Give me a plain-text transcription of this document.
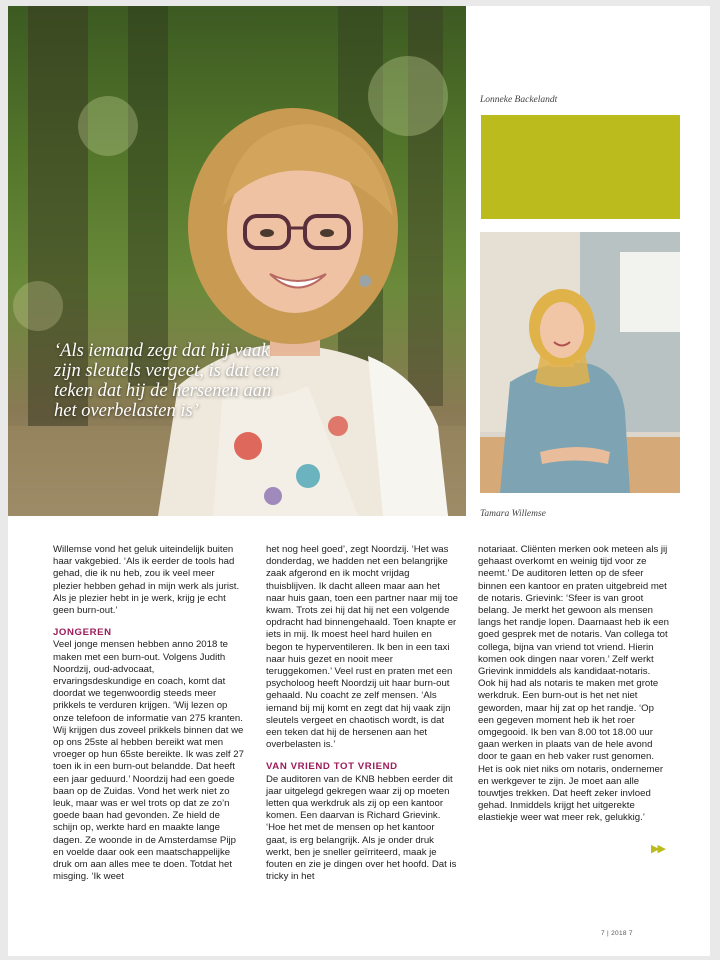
‘Als iemand zegt dat hij vaak zijn sleutels vergeet, is dat een teken dat hij de hersenen aan het overbelasten is’
Lonneke Backelandt
Tamara Willemse

Willemse vond het geluk uiteindelijk buiten haar vakgebied. ‘Als ik eerder de tools had gehad, die ik nu heb, zou ik veel meer plezier hebben gehad in mijn werk als jurist. Als je plezier hebt in je werk, krijg je echt geen burn-out.’

JONGEREN

Veel jonge mensen hebben anno 2018 te maken met een burn-out. Volgens Judith Noordzij, oud-advocaat, ervaringsdeskundige en coach, komt dat doordat we tegenwoordig steeds meer prikkels te verduren krijgen. ‘Wij lezen op onze telefoon de informatie van 275 kranten. Wij krijgen dus zoveel prikkels binnen dat we op ons 25ste al hebben bereikt wat men vroeger op hun 65ste bereikte. Ik was zelf 27 toen ik in een burn-out belandde. Dat heeft een jaar geduurd.’ Noordzij had een goede baan op de Zuidas. Vond het werk niet zo leuk, maar was er wel trots op dat ze zo’n goede baan had gevonden. Ze hield de schijn op, werkte hard en maakte lange dagen. Ze woonde in de Amsterdamse Pijp en voelde daar ook een maatschappelijke druk om aan alles mee te doen. Totdat het misging. ‘Ik weet

het nog heel goed’, zegt Noordzij. ‘Het was donderdag, we hadden net een belangrijke zaak afgerond en ik mocht vrijdag thuisblijven. Ik dacht alleen maar aan het naar huis gaan, toen een partner naar mij toe kwam. Trots zei hij dat hij net een volgende opdracht had binnengehaald. Toen knapte er iets in mij. Ik moest heel hard huilen en begon te hyperventileren. Ik ben in een taxi naar huis gezet en nooit meer teruggekomen.’ Veel rust en praten met een psycholoog heeft Noordzij uit haar burn-out gehaald. Nu coacht ze zelf mensen. ‘Als iemand bij mij komt en zegt dat hij vaak zijn sleutels vergeet en chaotisch wordt, is dat een teken dat hij de hersenen aan het overbelasten is.’

VAN VRIEND TOT VRIEND

De auditoren van de KNB hebben eerder dit jaar uitgelegd gekregen waar zij op moeten letten qua werkdruk als zij op een kantoor komen. Een daarvan is Richard Grievink. ‘Hoe het met de mensen op het kantoor gaat, is erg belangrijk. Als je onder druk werkt, ben je sneller geïrriteerd, maak je fouten en zie je dingen over het hoofd. Dat is tricky in het

notariaat. Cliënten merken ook meteen als jij gehaast overkomt en weinig tijd voor ze neemt.’ De auditoren letten op de sfeer binnen een kantoor en praten uitgebreid met de notaris. Grievink: ‘Sfeer is van groot belang. Je merkt het gewoon als mensen langs het randje lopen. Daarnaast heb ik een goed gesprek met de notaris. Van collega tot collega, bijna van vriend tot vriend. Hierin komen ook dingen naar voren.’ Zelf werkt Grievink inmiddels als kandidaat-notaris. Ook hij had als notaris te maken met grote werkdruk. Een burn-out is het net niet geworden, maar hij zat op het randje. ‘Op een gegeven moment heb ik het roer omgegooid. Ik ben van 8.00 tot 18.00 uur gaan werken in plaats van de hele avond door te gaan en heb vaker rust genomen. Het is ook niet niks om notaris, ondernemer en werkgever te zijn. Je moet aan alle touwtjes trekken. Dat heeft zeker invloed gehad. Inmiddels krijgt het uitgerekte elastiekje weer wat meer rek, gelukkig.’

▶▶
7 | 2018 7
